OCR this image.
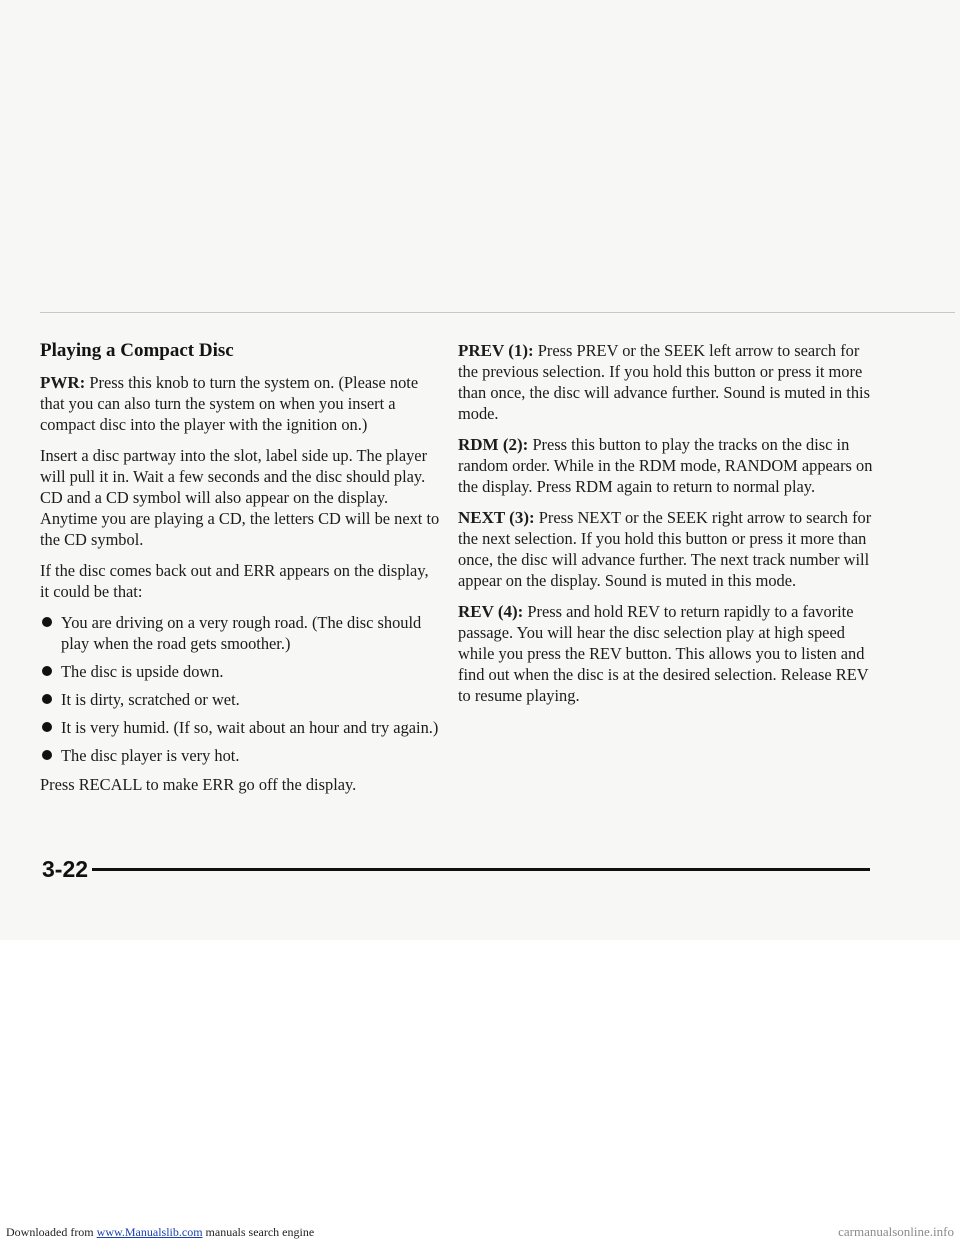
Playing a Compact Disc

PWR: Press this knob to turn the system on. (Please note that you can also turn the system on when you insert a compact disc into the player with the ignition on.)

Insert a disc partway into the slot, label side up. The player will pull it in. Wait a few seconds and the disc should play. CD and a CD symbol will also appear on the display. Anytime you are playing a CD, the letters CD will be next to the CD symbol.

If the disc comes back out and ERR appears on the display, it could be that:

You are driving on a very rough road. (The disc should play when the road gets smoother.)
The disc is upside down.
It is dirty, scratched or wet.
It is very humid. (If so, wait about an hour and try again.)
The disc player is very hot.

Press RECALL to make ERR go off the display.

PREV (1): Press PREV or the SEEK left arrow to search for the previous selection. If you hold this button or press it more than once, the disc will advance further. Sound is muted in this mode.

RDM (2): Press this button to play the tracks on the disc in random order. While in the RDM mode, RANDOM appears on the display. Press RDM again to return to normal play.

NEXT (3): Press NEXT or the SEEK right arrow to search for the next selection. If you hold this button or press it more than once, the disc will advance further. The next track number will appear on the display. Sound is muted in this mode.

REV (4): Press and hold REV to return rapidly to a favorite passage. You will hear the disc selection play at high speed while you press the REV button. This allows you to listen and find out when the disc is at the desired selection. Release REV to resume playing.

3-22
Downloaded from www.Manualslib.com manuals search engine	carmanualsonline.info
